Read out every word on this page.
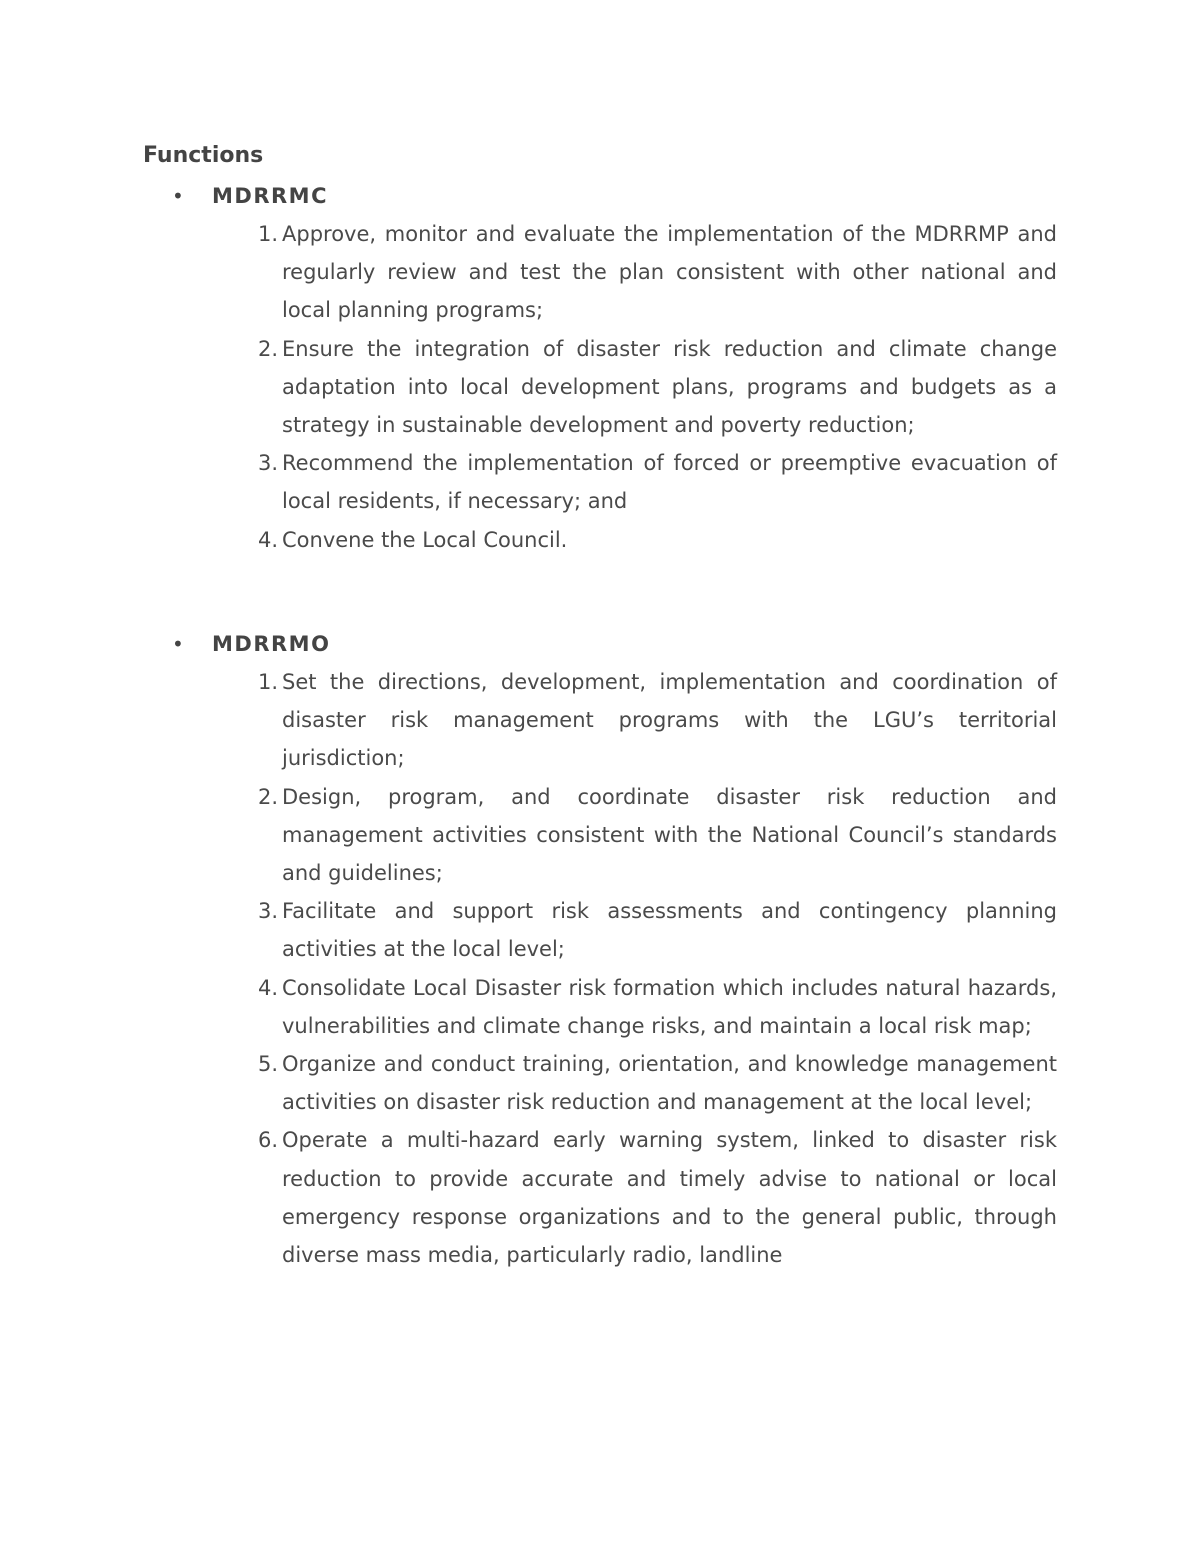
Functions
• MDRRMC
1. Approve, monitor and evaluate the implementation of the MDRRMP and regularly review and test the plan consistent with other national and local planning programs;
2. Ensure the integration of disaster risk reduction and climate change adaptation into local development plans, programs and budgets as a strategy in sustainable development and poverty reduction;
3. Recommend the implementation of forced or preemptive evacuation of local residents, if necessary; and
4. Convene the Local Council.
• MDRRMO
1. Set the directions, development, implementation and coordination of disaster risk management programs with the LGU’s territorial jurisdiction;
2. Design, program, and coordinate disaster risk reduction and management activities consistent with the National Council’s standards and guidelines;
3. Facilitate and support risk assessments and contingency planning activities at the local level;
4. Consolidate Local Disaster risk formation which includes natural hazards, vulnerabilities and climate change risks, and maintain a local risk map;
5. Organize and conduct training, orientation, and knowledge management activities on disaster risk reduction and management at the local level;
6. Operate a multi-hazard early warning system, linked to disaster risk reduction to provide accurate and timely advise to national or local emergency response organizations and to the general public, through diverse mass media, particularly radio, landline
